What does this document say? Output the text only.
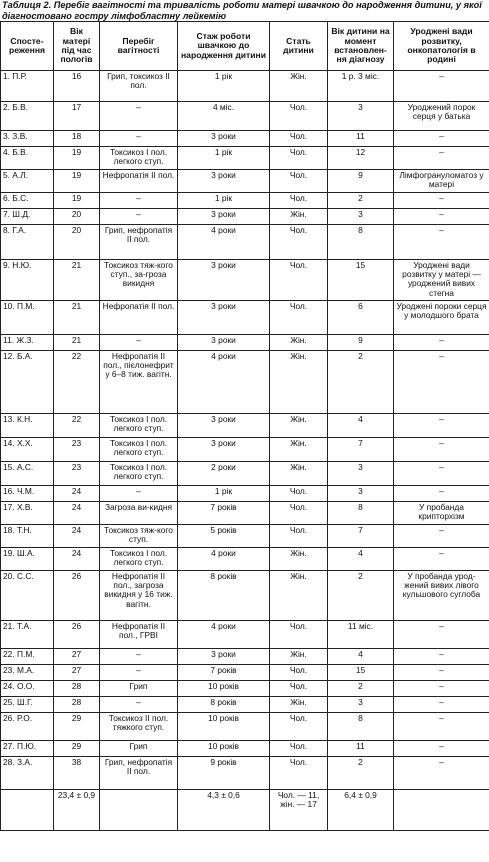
Таблиця 2. Перебіг вагітності та тривалість роботи матері швачкою до народження дитини, у якої діагностовано гостру лімфобластну лейкемію
Спосте-реження	Вік матері під час пологів	Перебіг вагітності	Стаж роботи швачкою до народження дитини	Стать дитини	Вік дитини на момент встановлен-ня діагнозу	Уроджені вади розвитку, онкопатологія в родині
1. П.Р.	16	Грип, токсикоз II пол.	1 рік	Жін.	1 р. 3 міс.	–
2. Б.В.	17	–	4 міс.	Чол.	3	Уроджений порок серця у батька
3. З.В.	18	–	3 роки	Чол.	11	–
4. Б.В.	19	Токсикоз I пол. легкого ступ.	1 рік	Чол.	12	–
5. А.Л.	19	Нефропатія II пол.	3 роки	Чол.	9	Лімфогрануломатоз у матері
6. Б.С.	19	–	1 рік	Чол.	2	–
7. Ш.Д.	20	–	3 роки	Жін.	3	–
8. Г.А.	20	Грип, нефропатія II пол.	4 роки	Чол.	8	–
9. Н.Ю.	21	Токсикоз тяж-кого ступ., за-гроза викидня	3 роки	Чол.	15	Уроджені вади розвитку у матері — уроджений вивих стегна
10. П.М.	21	Нефропатія II пол.	3 роки	Чол.	6	Уроджені пороки серця у молодшого брата
11. Ж.З.	21	–	3 роки	Жін.	9	–
12. Б.А.	22	Нефропатія II пол., пієлонефрит у 6–8 тиж. вагітн.	4 роки	Жін.	2	–
13. К.Н.	22	Токсикоз I пол. легкого ступ.	3 роки	Жін.	4	–
14. Х.Х.	23	Токсикоз I пол. легкого ступ.	3 роки	Жін.	7	–
15. А.С.	23	Токсикоз I пол. легкого ступ.	2 роки	Жін.	3	–
16. Ч.М.	24	–	1 рік	Чол.	3	–
17. Х.В.	24	Загроза ви-кидня	7 років	Чол.	8	У пробанда крипторхізм
18. Т.Н.	24	Токсикоз тяж-кого ступ.	5 років	Чол.	7	–
19. Ш.А.	24	Токсикоз I пол. легкого ступ.	4 роки	Жін.	4	–
20. С.С.	26	Нефропатія II пол., загроза викидня у 16 тиж. вагітн.	8 років	Жін.	2	У пробанда урод-жений вивих лівого кульшового суглоба
21. Т.А.	26	Нефропатія II пол., ГРВІ	4 роки	Чол.	11 міс.	–
22. П.М.	27	–	3 роки	Жін.	4	–
23. М.А.	27	–	7 років	Чол.	15	–
24. О.О.	28	Грип	10 років	Чол.	2	–
25. Ш.Г.	28	–	8 років	Жін.	3	–
26. Р.О.	29	Токсикоз II пол. тяжкого ступ.	10 років	Чол.	8	–
27. П.Ю.	29	Грип	10 років	Чол.	11	–
28. З.А.	38	Грип, нефропатія II пол.	9 років	Чол.	2	–
	23,4 ± 0,9		4,3 ± 0,6	Чол. — 11, жін. — 17	6,4 ± 0,9	
